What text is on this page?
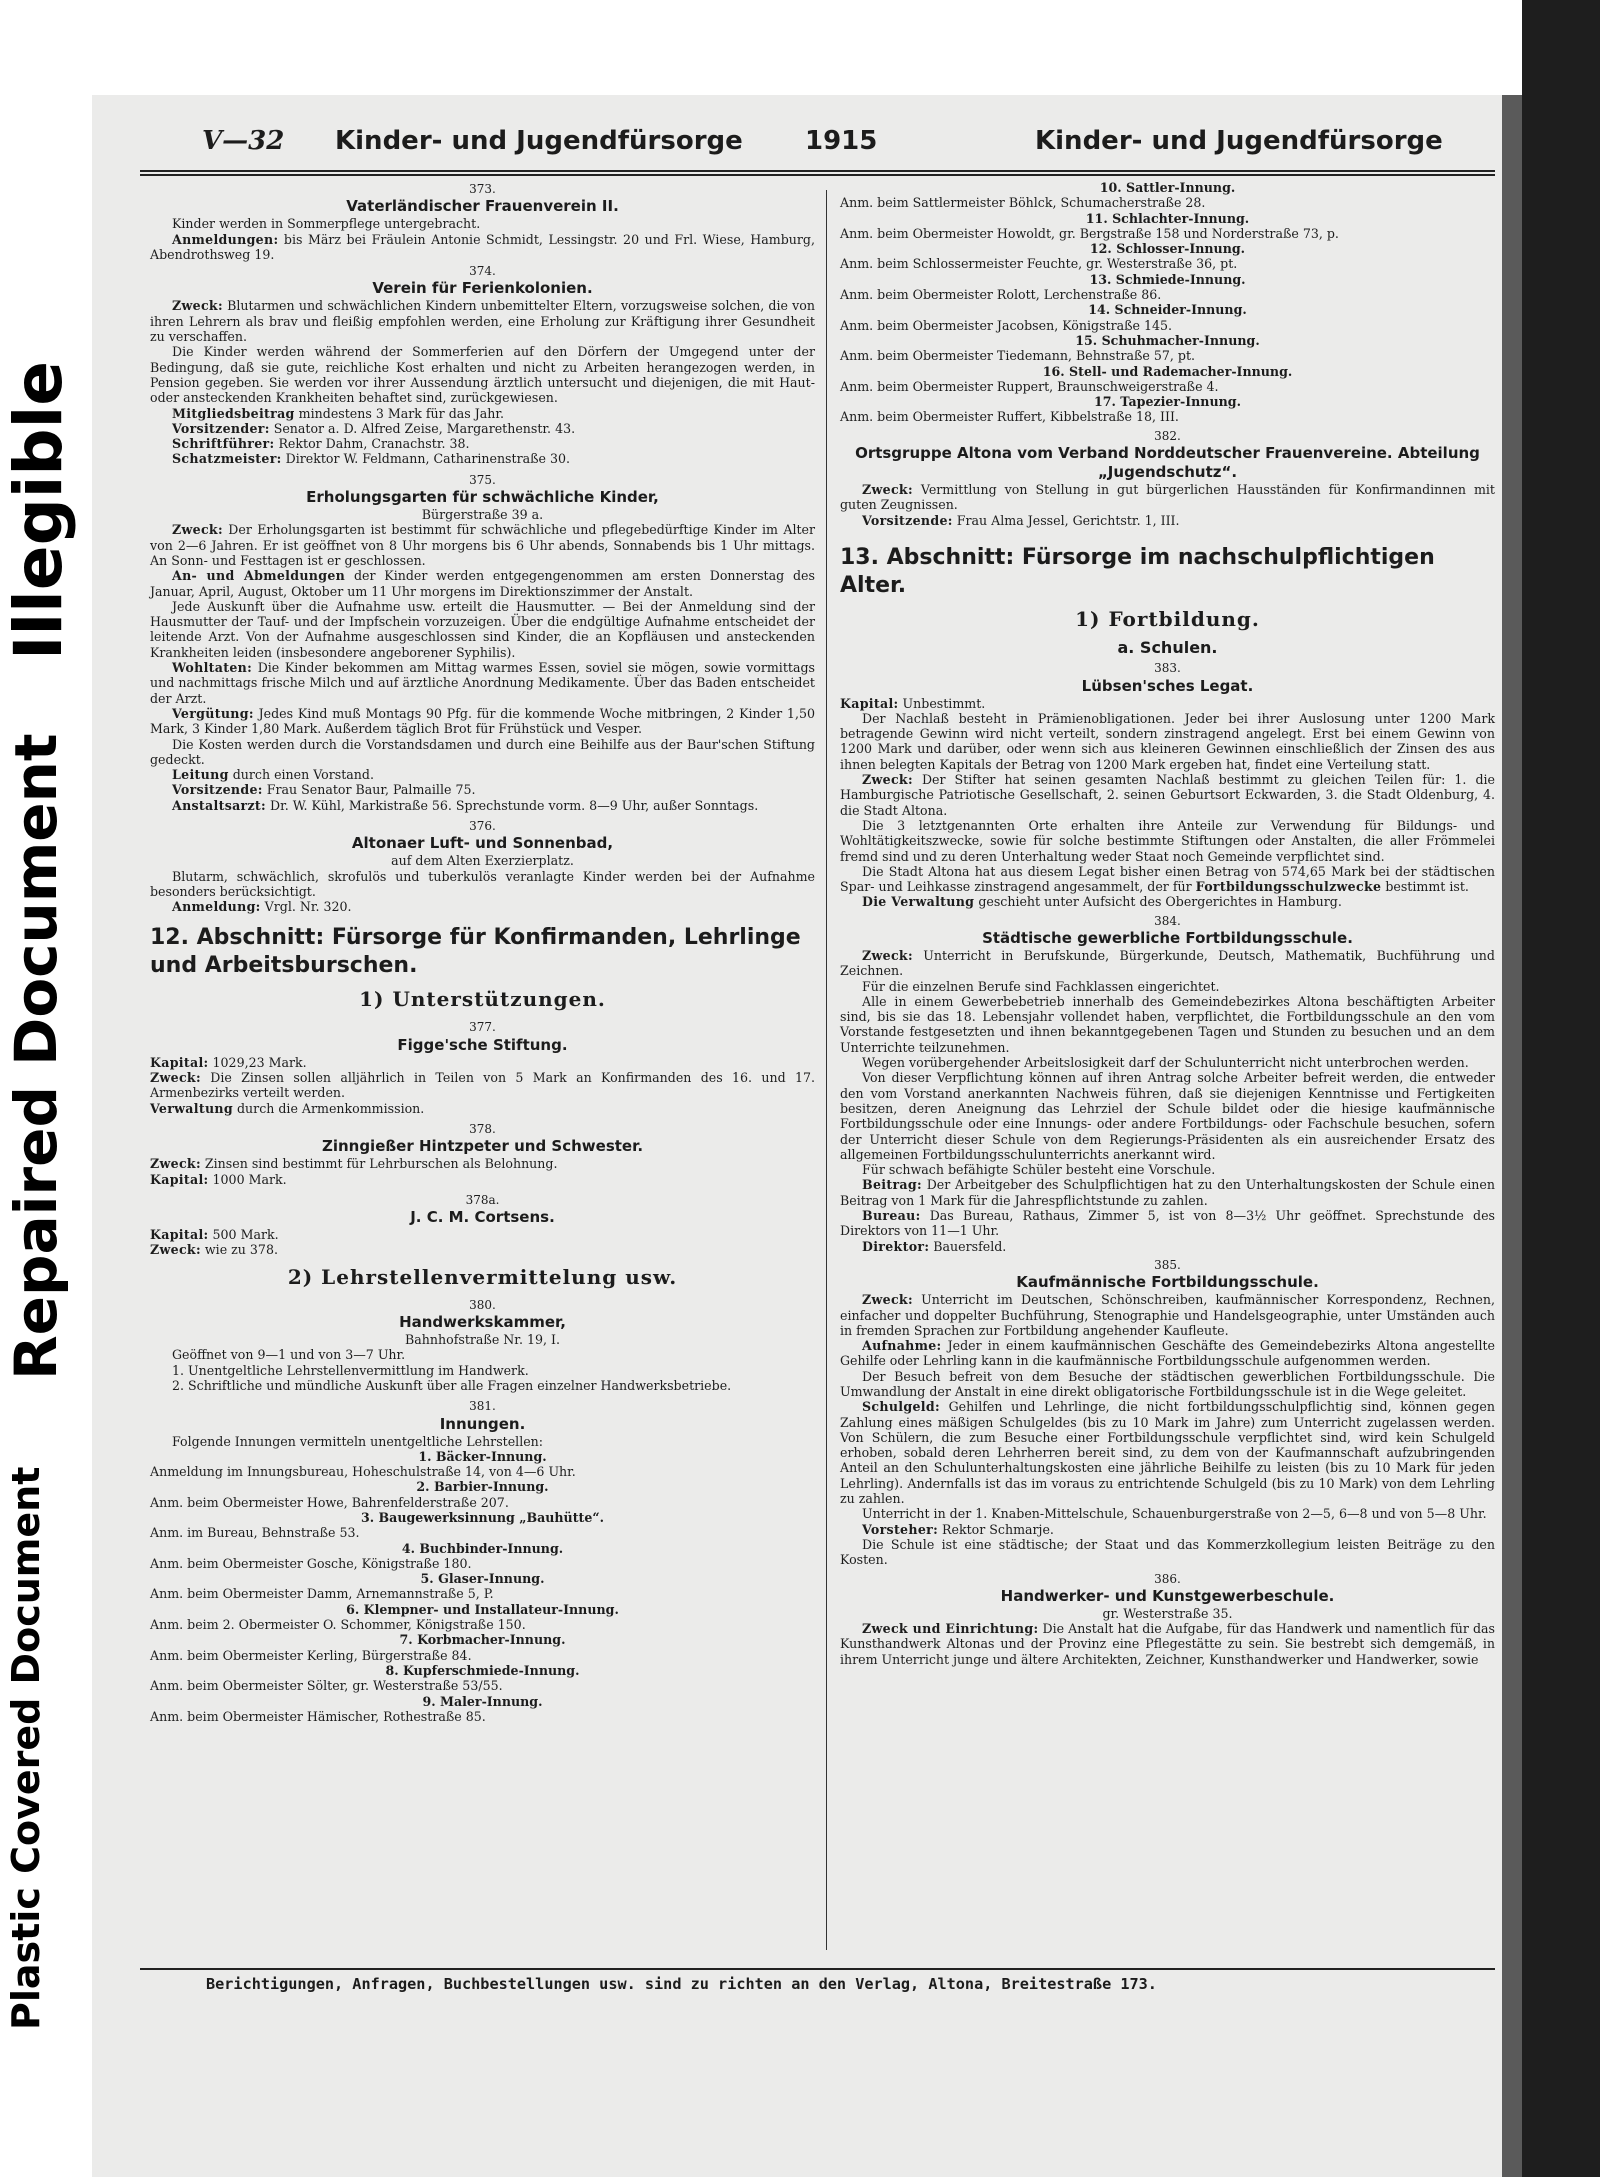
Plastic Covered Document
Repaired Document
Illegible
V—32 Kinder- und Jugendfürsorge 1915	Kinder- und Jugendfürsorge
373.
Vaterländischer Frauenverein II.

Kinder werden in Sommerpflege untergebracht.

Anmeldungen: bis März bei Fräulein Antonie Schmidt, Lessingstr. 20 und Frl. Wiese, Hamburg, Abendrothsweg 19.

374.
Verein für Ferienkolonien.

Zweck: Blutarmen und schwächlichen Kindern unbemittelter Eltern, vorzugsweise solchen, die von ihren Lehrern als brav und fleißig empfohlen werden, eine Erholung zur Kräftigung ihrer Gesundheit zu verschaffen.

Die Kinder werden während der Sommerferien auf den Dörfern der Umgegend unter der Bedingung, daß sie gute, reichliche Kost erhalten und nicht zu Arbeiten herangezogen werden, in Pension gegeben. Sie werden vor ihrer Aussendung ärztlich untersucht und diejenigen, die mit Haut- oder ansteckenden Krankheiten behaftet sind, zurückgewiesen.

Mitgliedsbeitrag mindestens 3 Mark für das Jahr.

Vorsitzender: Senator a. D. Alfred Zeise, Margarethenstr. 43.

Schriftführer: Rektor Dahm, Cranachstr. 38.

Schatzmeister: Direktor W. Feldmann, Catharinenstraße 30.

375.
Erholungsgarten für schwächliche Kinder,
Bürgerstraße 39 a.

Zweck: Der Erholungsgarten ist bestimmt für schwächliche und pflegebedürftige Kinder im Alter von 2—6 Jahren. Er ist geöffnet von 8 Uhr morgens bis 6 Uhr abends, Sonnabends bis 1 Uhr mittags. An Sonn- und Festtagen ist er geschlossen.

An- und Abmeldungen der Kinder werden entgegengenommen am ersten Donnerstag des Januar, April, August, Oktober um 11 Uhr morgens im Direktionszimmer der Anstalt.

Jede Auskunft über die Aufnahme usw. erteilt die Hausmutter. — Bei der Anmeldung sind der Hausmutter der Tauf- und der Impfschein vorzuzeigen. Über die endgültige Aufnahme entscheidet der leitende Arzt. Von der Aufnahme ausgeschlossen sind Kinder, die an Kopfläusen und ansteckenden Krankheiten leiden (insbesondere angeborener Syphilis).

Wohltaten: Die Kinder bekommen am Mittag warmes Essen, soviel sie mögen, sowie vormittags und nachmittags frische Milch und auf ärztliche Anordnung Medikamente. Über das Baden entscheidet der Arzt.

Vergütung: Jedes Kind muß Montags 90 Pfg. für die kommende Woche mitbringen, 2 Kinder 1,50 Mark, 3 Kinder 1,80 Mark. Außerdem täglich Brot für Frühstück und Vesper.

Die Kosten werden durch die Vorstandsdamen und durch eine Beihilfe aus der Baur'schen Stiftung gedeckt.

Leitung durch einen Vorstand.

Vorsitzende: Frau Senator Baur, Palmaille 75.

Anstaltsarzt: Dr. W. Kühl, Markistraße 56. Sprechstunde vorm. 8—9 Uhr, außer Sonntags.

376.
Altonaer Luft- und Sonnenbad,
auf dem Alten Exerzierplatz.

Blutarm, schwächlich, skrofulös und tuberkulös veranlagte Kinder werden bei der Aufnahme besonders berücksichtigt.

Anmeldung: Vrgl. Nr. 320.

12. Abschnitt: Fürsorge für Konfirmanden, Lehrlinge und Arbeitsburschen.
1) Unterstützungen.
377.
Figge'sche Stiftung.

Kapital: 1029,23 Mark.

Zweck: Die Zinsen sollen alljährlich in Teilen von 5 Mark an Konfirmanden des 16. und 17. Armenbezirks verteilt werden.

Verwaltung durch die Armenkommission.

378.
Zinngießer Hintzpeter und Schwester.

Zweck: Zinsen sind bestimmt für Lehrburschen als Belohnung.

Kapital: 1000 Mark.

378a.
J. C. M. Cortsens.

Kapital: 500 Mark.

Zweck: wie zu 378.

2) Lehrstellenvermittelung usw.
380.
Handwerkskammer,
Bahnhofstraße Nr. 19, I.

Geöffnet von 9—1 und von 3—7 Uhr.

1. Unentgeltliche Lehrstellenvermittlung im Handwerk.

2. Schriftliche und mündliche Auskunft über alle Fragen einzelner Handwerksbetriebe.

381.
Innungen.

Folgende Innungen vermitteln unentgeltliche Lehrstellen:

1. Bäcker-Innung.

Anmeldung im Innungsbureau, Hoheschulstraße 14, von 4—6 Uhr.

2. Barbier-Innung.

Anm. beim Obermeister Howe, Bahrenfelderstraße 207.

3. Baugewerksinnung „Bauhütte“.

Anm. im Bureau, Behnstraße 53.

4. Buchbinder-Innung.

Anm. beim Obermeister Gosche, Königstraße 180.

5. Glaser-Innung.

Anm. beim Obermeister Damm, Arnemannstraße 5, P.

6. Klempner- und Installateur-Innung.

Anm. beim 2. Obermeister O. Schommer, Königstraße 150.

7. Korbmacher-Innung.

Anm. beim Obermeister Kerling, Bürgerstraße 84.

8. Kupferschmiede-Innung.

Anm. beim Obermeister Sölter, gr. Westerstraße 53/55.

9. Maler-Innung.

Anm. beim Obermeister Hämischer, Rothestraße 85.

10. Sattler-Innung.

Anm. beim Sattlermeister Böhlck, Schumacherstraße 28.

11. Schlachter-Innung.

Anm. beim Obermeister Howoldt, gr. Bergstraße 158 und Norderstraße 73, p.

12. Schlosser-Innung.

Anm. beim Schlossermeister Feuchte, gr. Westerstraße 36, pt.

13. Schmiede-Innung.

Anm. beim Obermeister Rolott, Lerchenstraße 86.

14. Schneider-Innung.

Anm. beim Obermeister Jacobsen, Königstraße 145.

15. Schuhmacher-Innung.

Anm. beim Obermeister Tiedemann, Behnstraße 57, pt.

16. Stell- und Rademacher-Innung.

Anm. beim Obermeister Ruppert, Braunschweigerstraße 4.

17. Tapezier-Innung.

Anm. beim Obermeister Ruffert, Kibbelstraße 18, III.

382.
Ortsgruppe Altona vom Verband Norddeutscher Frauenvereine. Abteilung „Jugendschutz“.

Zweck: Vermittlung von Stellung in gut bürgerlichen Hausständen für Konfirmandinnen mit guten Zeugnissen.

Vorsitzende: Frau Alma Jessel, Gerichtstr. 1, III.

13. Abschnitt: Fürsorge im nachschulpflichtigen Alter.
1) Fortbildung.
a. Schulen.
383.
Lübsen'sches Legat.

Kapital: Unbestimmt.

Der Nachlaß besteht in Prämienobligationen. Jeder bei ihrer Auslosung unter 1200 Mark betragende Gewinn wird nicht verteilt, sondern zinstragend angelegt. Erst bei einem Gewinn von 1200 Mark und darüber, oder wenn sich aus kleineren Gewinnen einschließlich der Zinsen des aus ihnen belegten Kapitals der Betrag von 1200 Mark ergeben hat, findet eine Verteilung statt.

Zweck: Der Stifter hat seinen gesamten Nachlaß bestimmt zu gleichen Teilen für: 1. die Hamburgische Patriotische Gesellschaft, 2. seinen Geburtsort Eckwarden, 3. die Stadt Oldenburg, 4. die Stadt Altona.

Die 3 letztgenannten Orte erhalten ihre Anteile zur Verwendung für Bildungs- und Wohltätigkeitszwecke, sowie für solche bestimmte Stiftungen oder Anstalten, die aller Frömmelei fremd sind und zu deren Unterhaltung weder Staat noch Gemeinde verpflichtet sind.

Die Stadt Altona hat aus diesem Legat bisher einen Betrag von 574,65 Mark bei der städtischen Spar- und Leihkasse zinstragend angesammelt, der für Fortbildungsschulzwecke bestimmt ist.

Die Verwaltung geschieht unter Aufsicht des Obergerichtes in Hamburg.

384.
Städtische gewerbliche Fortbildungsschule.

Zweck: Unterricht in Berufskunde, Bürgerkunde, Deutsch, Mathematik, Buchführung und Zeichnen.

Für die einzelnen Berufe sind Fachklassen eingerichtet.

Alle in einem Gewerbebetrieb innerhalb des Gemeindebezirkes Altona beschäftigten Arbeiter sind, bis sie das 18. Lebensjahr vollendet haben, verpflichtet, die Fortbildungsschule an den vom Vorstande festgesetzten und ihnen bekanntgegebenen Tagen und Stunden zu besuchen und an dem Unterrichte teilzunehmen.

Wegen vorübergehender Arbeitslosigkeit darf der Schulunterricht nicht unterbrochen werden.

Von dieser Verpflichtung können auf ihren Antrag solche Arbeiter befreit werden, die entweder den vom Vorstand anerkannten Nachweis führen, daß sie diejenigen Kenntnisse und Fertigkeiten besitzen, deren Aneignung das Lehrziel der Schule bildet oder die hiesige kaufmännische Fortbildungsschule oder eine Innungs- oder andere Fortbildungs- oder Fachschule besuchen, sofern der Unterricht dieser Schule von dem Regierungs-Präsidenten als ein ausreichender Ersatz des allgemeinen Fortbildungsschulunterrichts anerkannt wird.

Für schwach befähigte Schüler besteht eine Vorschule.

Beitrag: Der Arbeitgeber des Schulpflichtigen hat zu den Unterhaltungskosten der Schule einen Beitrag von 1 Mark für die Jahrespflichtstunde zu zahlen.

Bureau: Das Bureau, Rathaus, Zimmer 5, ist von 8—3½ Uhr geöffnet. Sprechstunde des Direktors von 11—1 Uhr.

Direktor: Bauersfeld.

385.
Kaufmännische Fortbildungsschule.

Zweck: Unterricht im Deutschen, Schönschreiben, kaufmännischer Korrespondenz, Rechnen, einfacher und doppelter Buchführung, Stenographie und Handelsgeographie, unter Umständen auch in fremden Sprachen zur Fortbildung angehender Kaufleute.

Aufnahme: Jeder in einem kaufmännischen Geschäfte des Gemeindebezirks Altona angestellte Gehilfe oder Lehrling kann in die kaufmännische Fortbildungsschule aufgenommen werden.

Der Besuch befreit von dem Besuche der städtischen gewerblichen Fortbildungsschule. Die Umwandlung der Anstalt in eine direkt obligatorische Fortbildungsschule ist in die Wege geleitet.

Schulgeld: Gehilfen und Lehrlinge, die nicht fortbildungsschulpflichtig sind, können gegen Zahlung eines mäßigen Schulgeldes (bis zu 10 Mark im Jahre) zum Unterricht zugelassen werden. Von Schülern, die zum Besuche einer Fortbildungsschule verpflichtet sind, wird kein Schulgeld erhoben, sobald deren Lehrherren bereit sind, zu dem von der Kaufmannschaft aufzubringenden Anteil an den Schulunterhaltungskosten eine jährliche Beihilfe zu leisten (bis zu 10 Mark für jeden Lehrling). Andernfalls ist das im voraus zu entrichtende Schulgeld (bis zu 10 Mark) von dem Lehrling zu zahlen.

Unterricht in der 1. Knaben-Mittelschule, Schauenburgerstraße von 2—5, 6—8 und von 5—8 Uhr.

Vorsteher: Rektor Schmarje.

Die Schule ist eine städtische; der Staat und das Kommerzkollegium leisten Beiträge zu den Kosten.

386.
Handwerker- und Kunstgewerbeschule.
gr. Westerstraße 35.

Zweck und Einrichtung: Die Anstalt hat die Aufgabe, für das Handwerk und namentlich für das Kunsthandwerk Altonas und der Provinz eine Pflegestätte zu sein. Sie bestrebt sich demgemäß, in ihrem Unterricht junge und ältere Architekten, Zeichner, Kunsthandwerker und Handwerker, sowie

Berichtigungen, Anfragen, Buchbestellungen usw. sind zu richten an den Verlag, Altona, Breitestraße 173.
